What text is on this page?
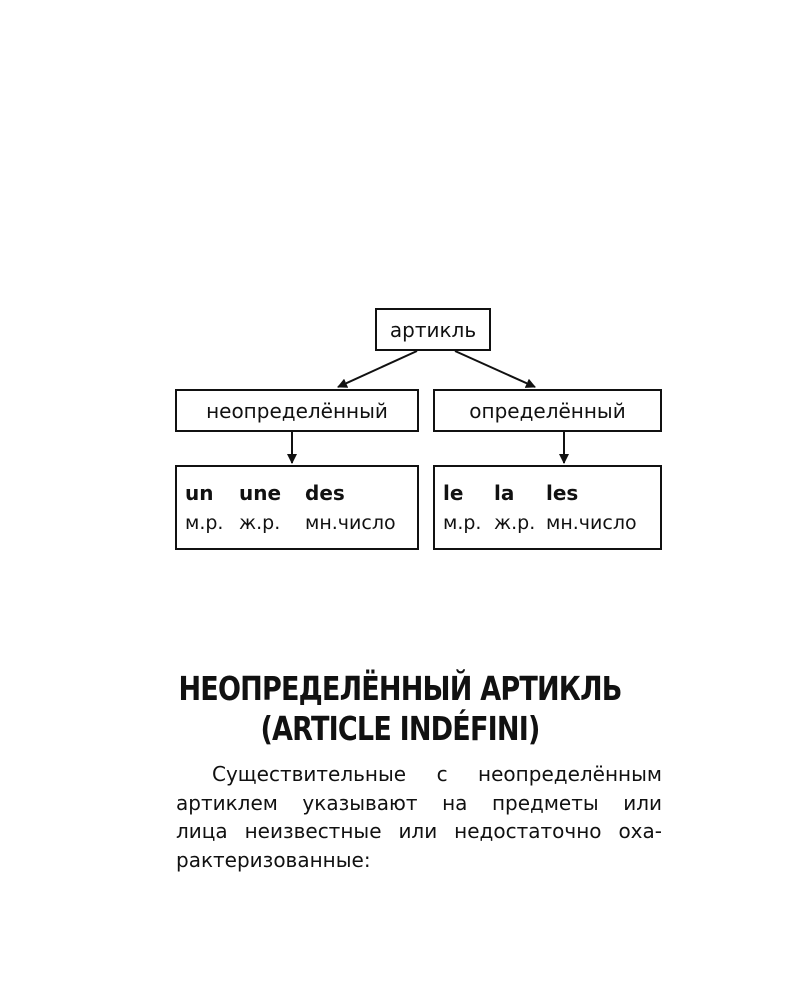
артикль
неопределённый	определённый
un	une	des
м.р. ж.р.	мн.число
le	la	les
м.р. ж.р. мн.число
НЕОПРЕДЕЛЁННЫЙ АРТИКЛЬ
(ARTICLE INDÉFINI)

Существительные с неопределённым
артиклем указывают на предметы или
лица неизвестные или недостаточно оха-
рактеризованные:
